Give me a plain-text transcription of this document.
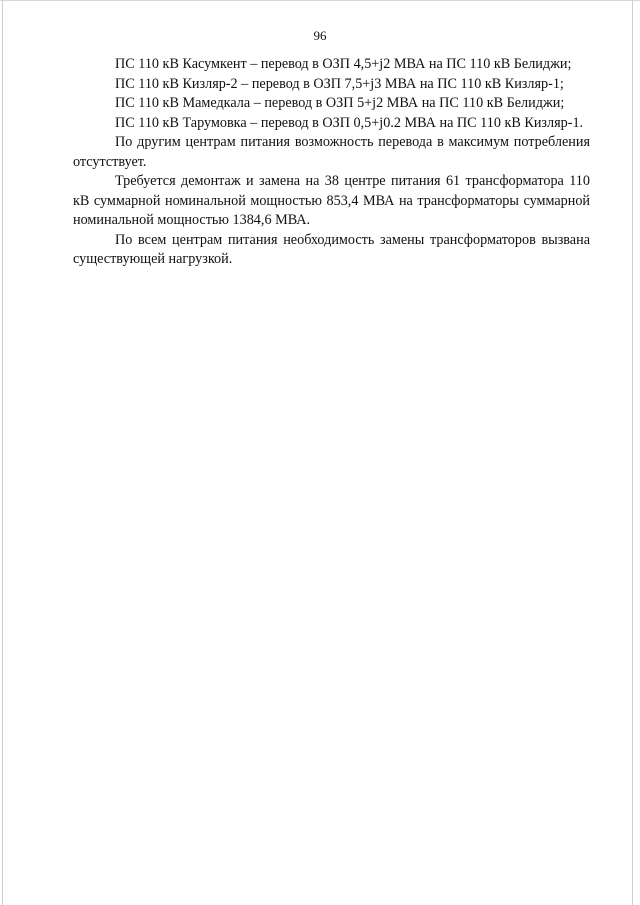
96

ПС 110 кВ Касумкент – перевод в ОЗП 4,5+j2 МВА на ПС 110 кВ Белиджи;

ПС 110 кВ Кизляр-2 – перевод в ОЗП 7,5+j3 МВА на ПС 110 кВ Кизляр-1;

ПС 110 кВ Мамедкала – перевод в ОЗП 5+j2 МВА на ПС 110 кВ Белиджи;

ПС 110 кВ Тарумовка – перевод в ОЗП 0,5+j0.2 МВА на ПС 110 кВ Кизляр-1.

По другим центрам питания возможность перевода в максимум потребления отсутствует.

Требуется демонтаж и замена на 38 центре питания 61 трансформатора 110 кВ суммарной номинальной мощностью 853,4 МВА на трансформаторы суммарной номинальной мощностью 1384,6 МВА.

По всем центрам питания необходимость замены трансформаторов вызвана существующей нагрузкой.
